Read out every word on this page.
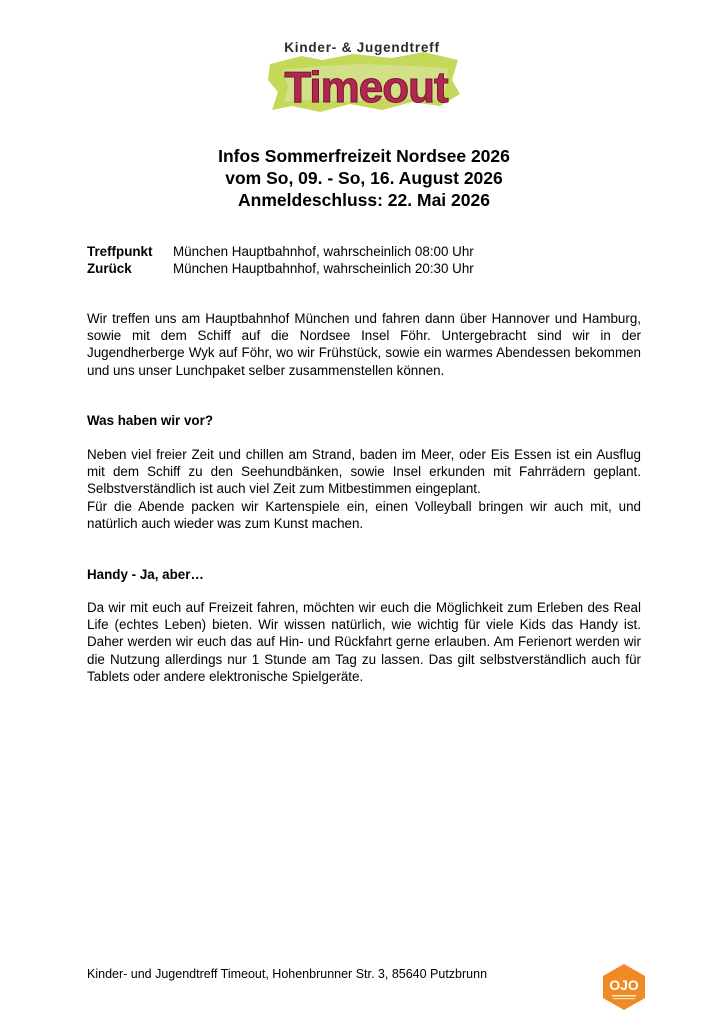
Kinder- & Jugendtreff
Timeout
Infos Sommerfreizeit Nordsee 2026
vom So, 09. - So, 16. August 2026
Anmeldeschluss: 22. Mai 2026
Treffpunkt München Hauptbahnhof, wahrscheinlich 08:00 Uhr
Zurück	München Hauptbahnhof, wahrscheinlich 20:30 Uhr
Wir treffen uns am Hauptbahnhof München und fahren dann über Hannover und Hamburg, sowie mit dem Schiff auf die Nordsee Insel Föhr. Untergebracht sind wir in der Jugendherberge Wyk auf Föhr, wo wir Frühstück, sowie ein warmes Abendessen bekommen und uns unser Lunchpaket selber zusammenstellen können.
Was haben wir vor?
Neben viel freier Zeit und chillen am Strand, baden im Meer, oder Eis Essen ist ein Ausflug mit dem Schiff zu den Seehundbänken, sowie Insel erkunden mit Fahrrädern geplant. Selbstverständlich ist auch viel Zeit zum Mitbestimmen eingeplant.
Für die Abende packen wir Kartenspiele ein, einen Volleyball bringen wir auch mit, und natürlich auch wieder was zum Kunst machen.
Handy - Ja, aber…
Da wir mit euch auf Freizeit fahren, möchten wir euch die Möglichkeit zum Erleben des Real Life (echtes Leben) bieten. Wir wissen natürlich, wie wichtig für viele Kids das Handy ist. Daher werden wir euch das auf Hin- und Rückfahrt gerne erlauben. Am Ferienort werden wir die Nutzung allerdings nur 1 Stunde am Tag zu lassen. Das gilt selbstverständlich auch für Tablets oder andere elektronische Spielgeräte.
Kinder- und Jugendtreff Timeout, Hohenbrunner Str. 3, 85640 Putzbrunn
OJO
